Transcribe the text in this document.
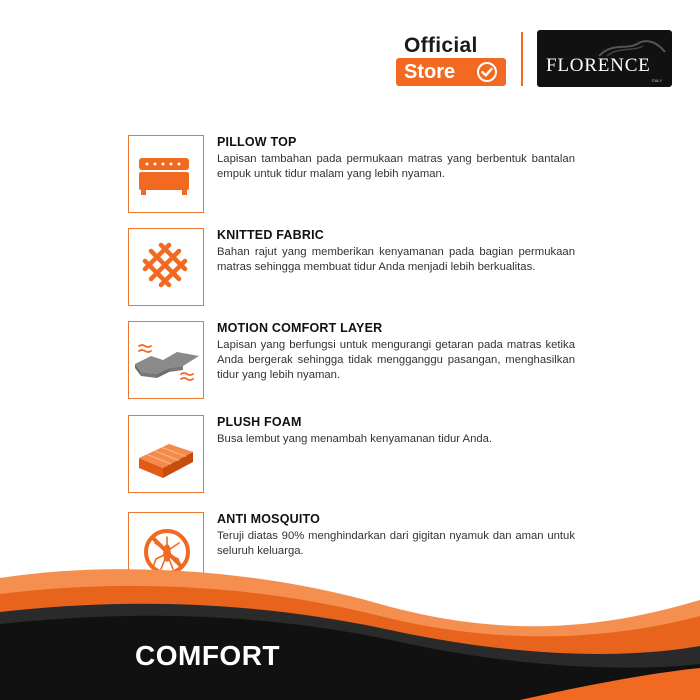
Official
Store	FLORENCE
ITALY
PILLOW TOP
Lapisan tambahan pada permukaan matras yang berbentuk bantalan empuk untuk tidur malam yang lebih nyaman.
KNITTED FABRIC
Bahan rajut yang memberikan kenyamanan pada bagian permukaan matras sehingga membuat tidur Anda menjadi lebih berkualitas.
MOTION COMFORT LAYER
Lapisan yang berfungsi untuk mengurangi getaran pada matras ketika Anda bergerak sehingga tidak mengganggu pasangan, menghasilkan tidur yang lebih nyaman.
PLUSH FOAM
Busa lembut yang menambah kenyamanan tidur Anda.
ANTI MOSQUITO
Teruji diatas 90% menghindarkan dari gigitan nyamuk dan aman untuk seluruh keluarga.
COMFORT
